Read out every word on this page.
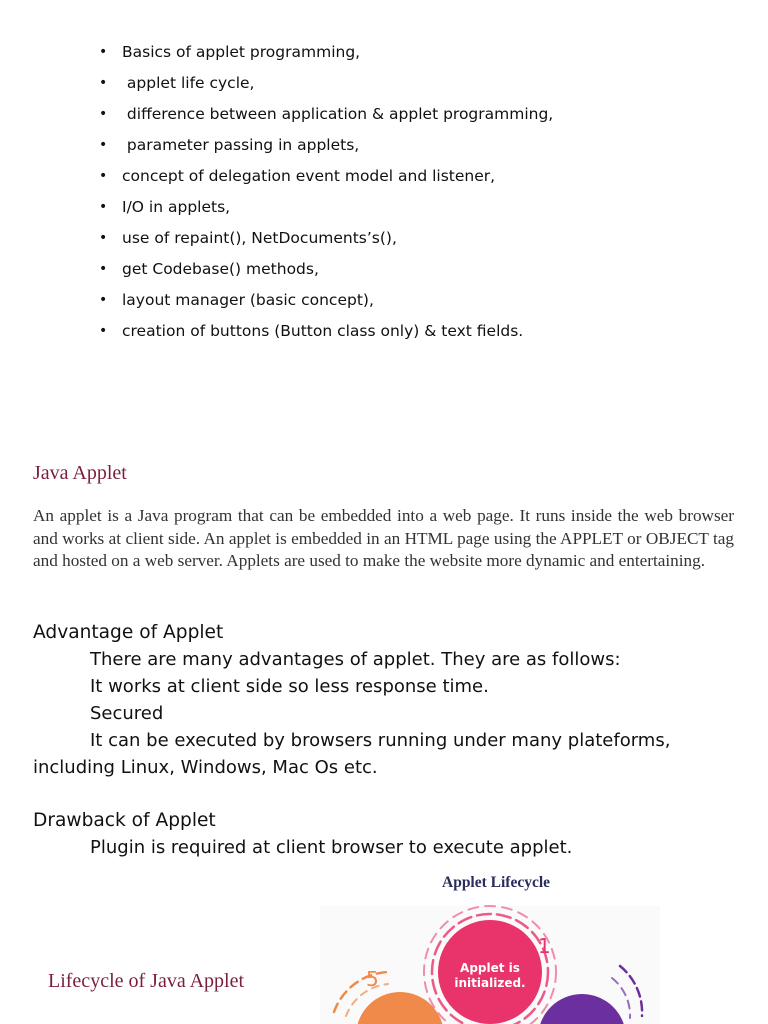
• Basics of applet programming,
• applet life cycle,
• difference between application & applet programming,
• parameter passing in applets,
• concept of delegation event model and listener,
• I/O in applets,
• use of repaint(), NetDocuments’s(),
• get Codebase() methods,
• layout manager (basic concept),
• creation of buttons (Button class only) & text fields.
Java Applet

An applet is a Java program that can be embedded into a web page. It runs inside the web browser and works at client side. An applet is embedded in an HTML page using the APPLET or OBJECT tag and hosted on a web server. Applets are used to make the website more dynamic and entertaining.

Advantage of Applet

There are many advantages of applet. They are as follows:

It works at client side so less response time.

Secured

It can be executed by browsers running under many plateforms,

including Linux, Windows, Mac Os etc.

Drawback of Applet

Plugin is required at client browser to execute applet.

Lifecycle of Java Applet
Applet Lifecycle
Applet is initialized.
1
5
